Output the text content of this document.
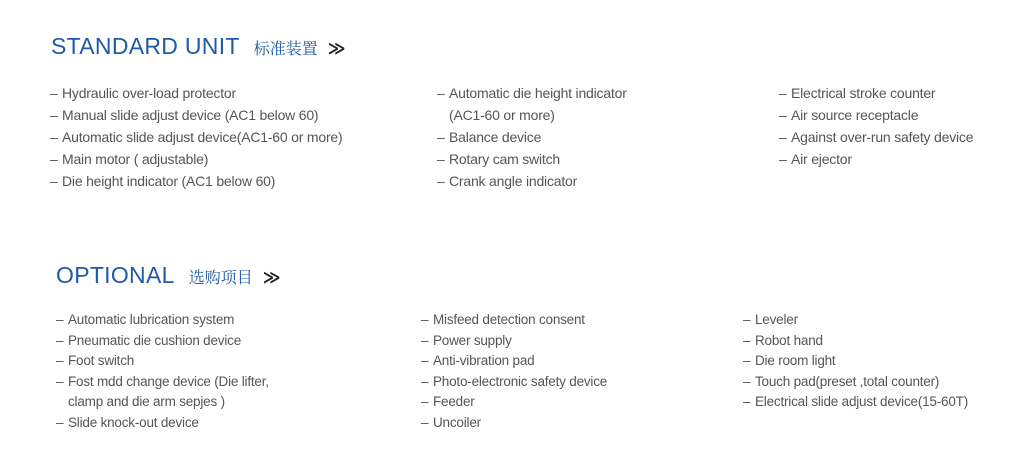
STANDARD UNIT 标准装置 ≫
– Hydraulic over-load protector
– Manual slide adjust device (AC1 below 60)
– Automatic slide adjust device(AC1-60 or more)
– Main motor ( adjustable)
– Die height indicator (AC1 below 60)
– Automatic die height indicator
(AC1-60 or more)
– Balance device
– Rotary cam switch
– Crank angle indicator
– Electrical stroke counter
– Air source receptacle
– Against over-run safety device
– Air ejector
OPTIONAL 选购项目 ≫
– Automatic lubrication system
– Pneumatic die cushion device
– Foot switch
– Fost mdd change device (Die lifter,
clamp and die arm sepjes )
– Slide knock-out device
– Misfeed detection consent
– Power supply
– Anti-vibration pad
– Photo-electronic safety device
– Feeder
– Uncoiler
– Leveler
– Robot hand
– Die room light
– Touch pad(preset ,total counter)
– Electrical slide adjust device(15-60T)
